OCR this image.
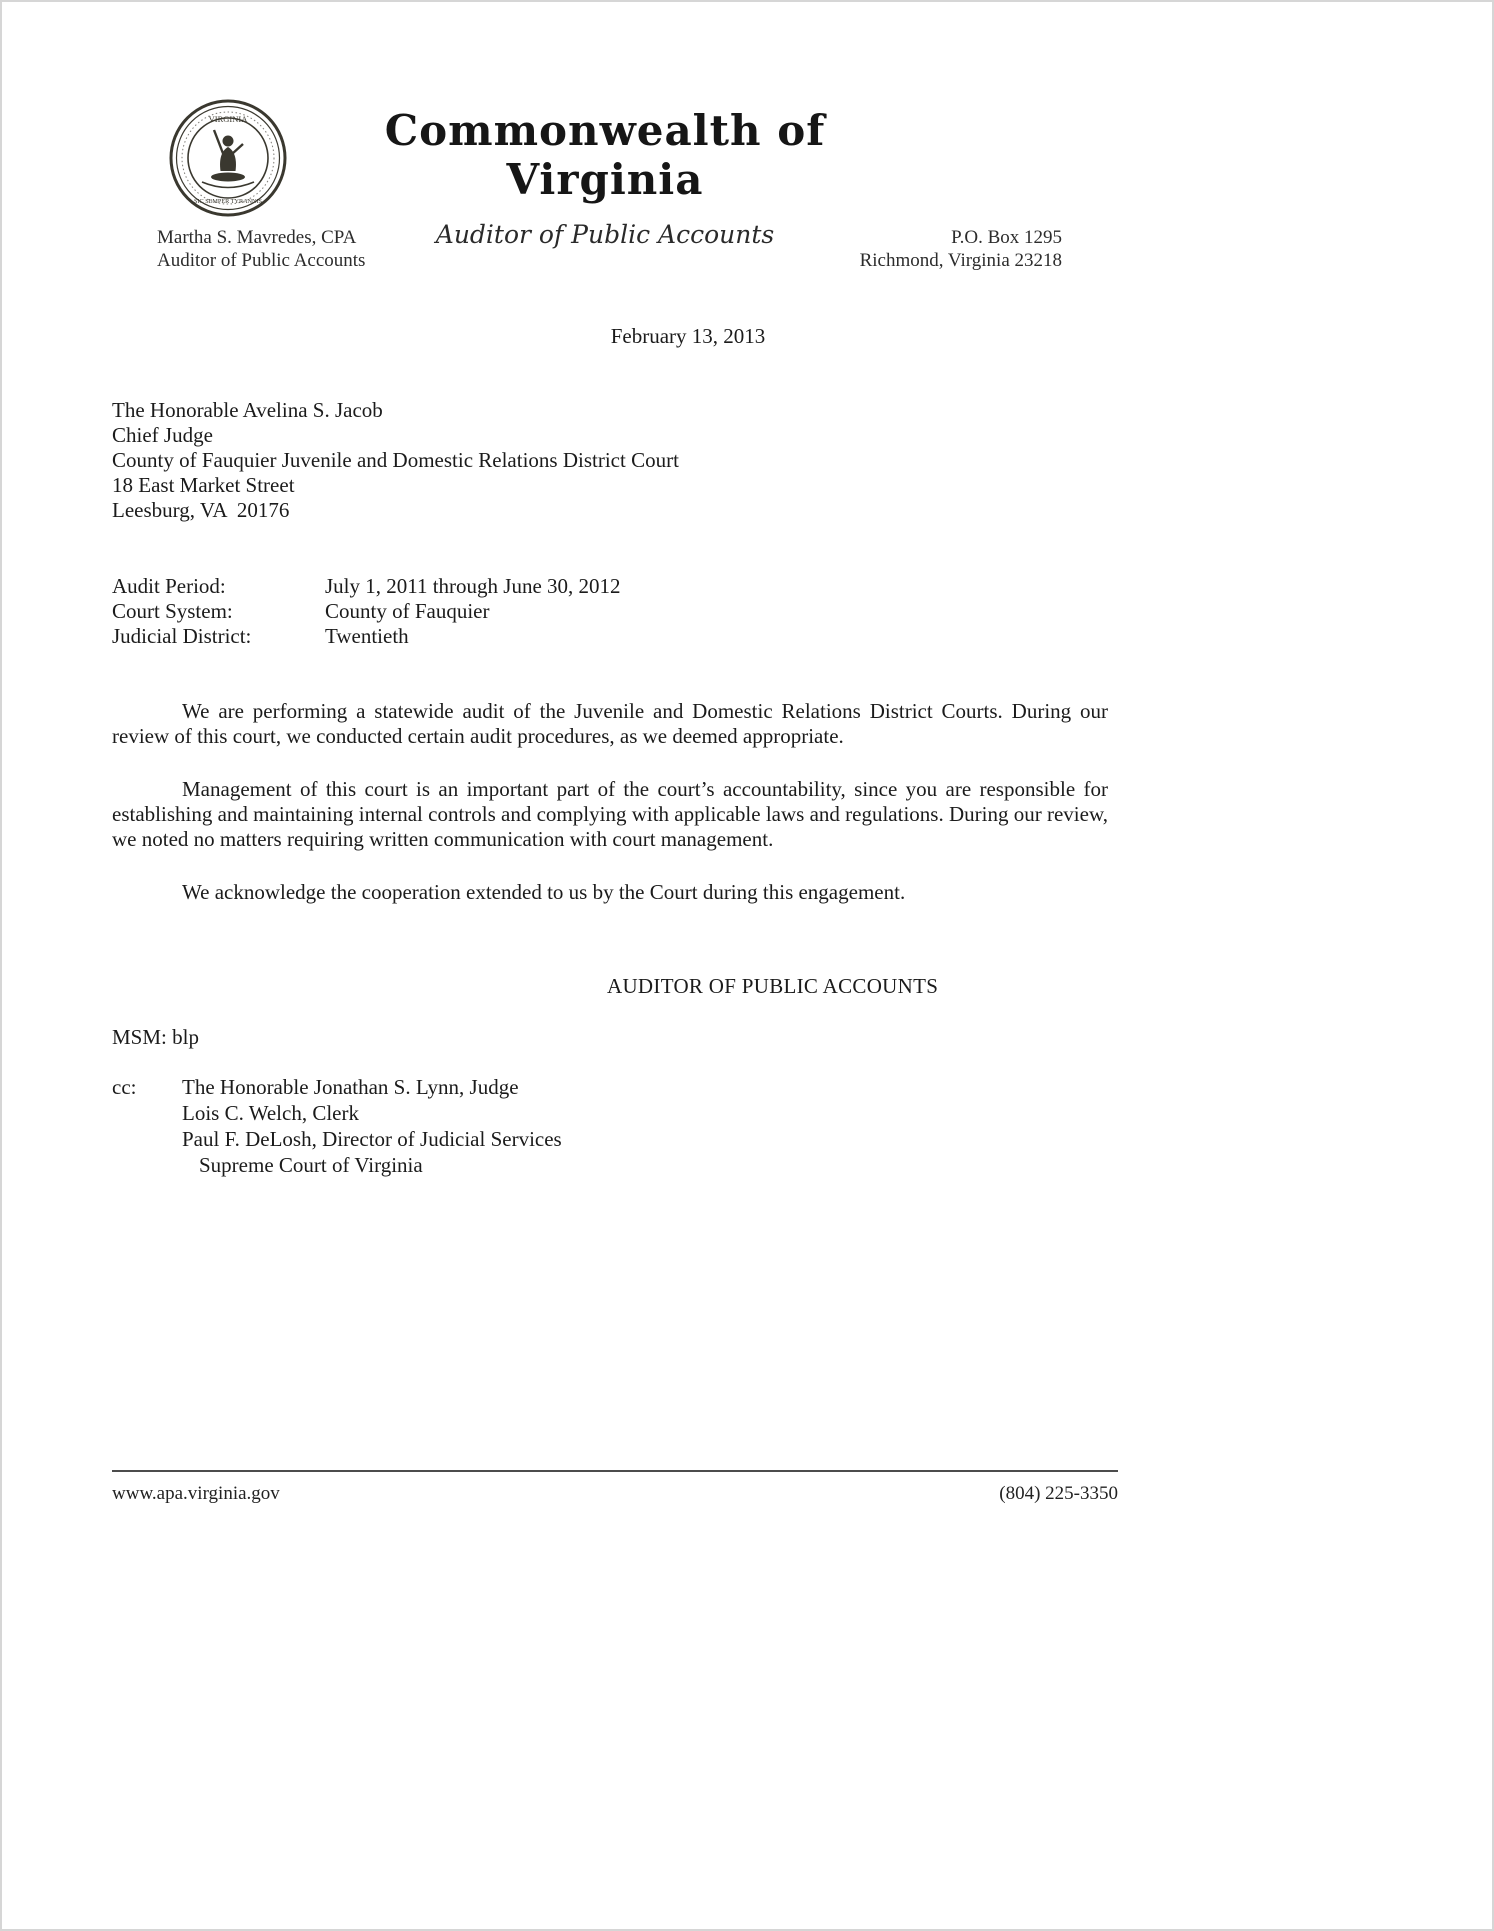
VIRGINIA
SIC SEMPER TYRANNIS
Commonwealth of Virginia
Auditor of Public Accounts
Martha S. Mavredes, CPA
Auditor of Public Accounts
P.O. Box 1295
Richmond, Virginia 23218
February 13, 2013
The Honorable Avelina S. Jacob
Chief Judge
County of Fauquier Juvenile and Domestic Relations District Court
18 East Market Street
Leesburg, VA  20176
Audit Period:	July 1, 2011 through June 30, 2012
Court System:	County of Fauquier
Judicial District:	Twentieth

We are performing a statewide audit of the Juvenile and Domestic Relations District Courts. During our review of this court, we conducted certain audit procedures, as we deemed appropriate.

Management of this court is an important part of the court’s accountability, since you are responsible for establishing and maintaining internal controls and complying with applicable laws and regulations. During our review, we noted no matters requiring written communication with court management.

We acknowledge the cooperation extended to us by the Court during this engagement.

AUDITOR OF PUBLIC ACCOUNTS
MSM: blp
cc:	The Honorable Jonathan S. Lynn, Judge
Lois C. Welch, Clerk
Paul F. DeLosh, Director of Judicial Services
Supreme Court of Virginia
www.apa.virginia.gov	(804) 225-3350
